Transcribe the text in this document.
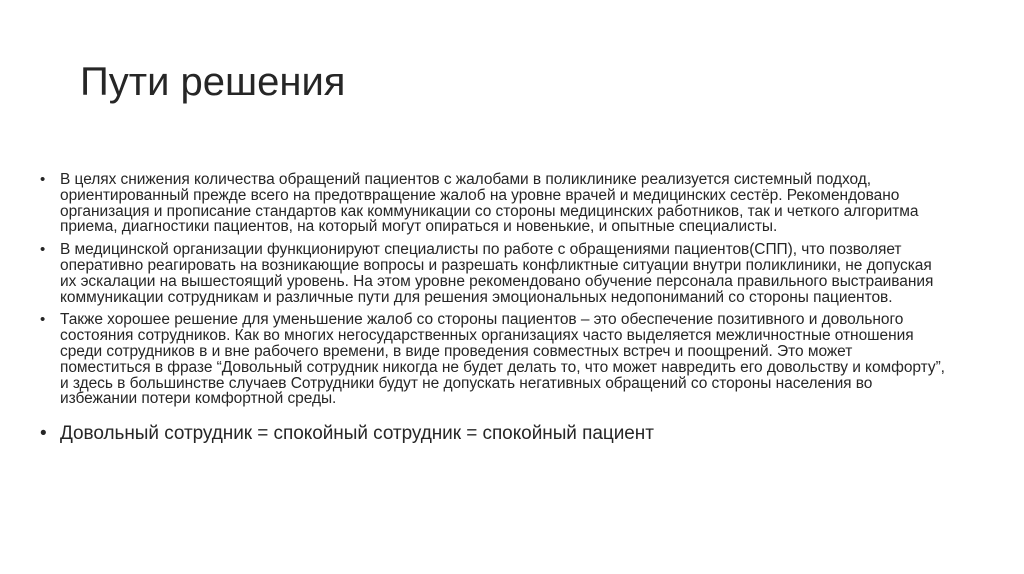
Пути решения
• В целях снижения количества обращений пациентов с жалобами в поликлинике реализуется системный подход, ориентированный прежде всего на предотвращение жалоб на уровне врачей и медицинских сестёр. Рекомендовано организация и прописание стандартов как коммуникации со стороны медицинских работников, так и четкого алгоритма приема, диагностики пациентов, на который могут опираться и новенькие, и опытные специалисты.
• В медицинской организации функционируют специалисты по работе с обращениями пациентов(СПП), что позволяет оперативно реагировать на возникающие вопросы и разрешать конфликтные ситуации внутри поликлиники, не допуская их эскалации на вышестоящий уровень. На этом уровне рекомендовано обучение персонала правильного выстраивания коммуникации сотрудникам и различные пути для решения эмоциональных недопониманий со стороны пациентов.
• Также хорошее решение для уменьшение жалоб со стороны пациентов – это обеспечение позитивного и довольного состояния сотрудников. Как во многих негосударственных организациях часто выделяется межличностные отношения среди сотрудников в и вне рабочего времени, в виде проведения совместных встреч и поощрений. Это может поместиться в фразе “Довольный сотрудник никогда не будет делать то, что может навредить его довольству и комфорту”, и здесь в большинстве случаев Сотрудники будут не допускать негативных обращений со стороны населения во избежании потери комфортной среды.
• Довольный сотрудник = спокойный сотрудник = спокойный пациент
